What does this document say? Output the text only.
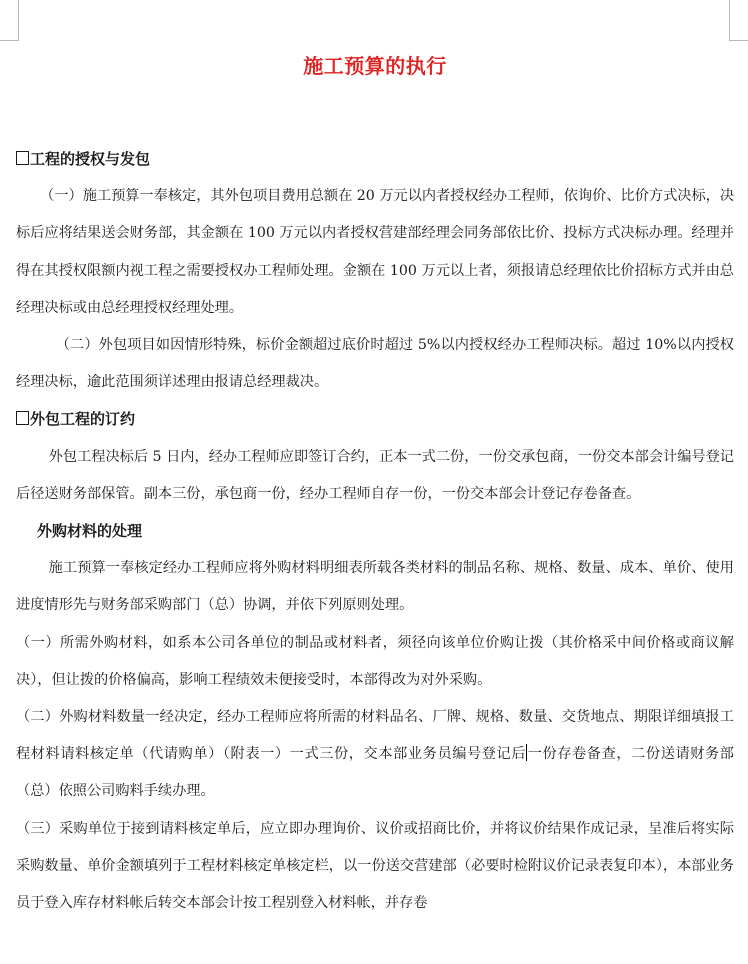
施工预算的执行

工程的授权与发包

（一）施工预算一奉核定，其外包项目费用总额在 20 万元以内者授权经办工程师，依询价、比价方式决标，决标后应将结果送会财务部，其金额在 100 万元以内者授权营建部经理会同务部依比价、投标方式决标办理。经理并得在其授权限额内视工程之需要授权办工程师处理。金额在 100 万元以上者，须报请总经理依比价招标方式并由总经理决标或由总经理授权经理处理。

（二）外包项目如因情形特殊，标价金额超过底价时超过 5%以内授权经办工程师决标。超过 10%以内授权经理决标，逾此范围须详述理由报请总经理裁决。

外包工程的订约

外包工程决标后 5 日内，经办工程师应即签订合约，正本一式二份，一份交承包商，一份交本部会计编号登记后径送财务部保管。副本三份，承包商一份，经办工程师自存一份，一份交本部会计登记存卷备查。

外购材料的处理

施工预算一奉核定经办工程师应将外购材料明细表所载各类材料的制品名称、规格、数量、成本、单价、使用进度情形先与财务部采购部门（总）协调，并依下列原则处理。

（一）所需外购材料，如系本公司各单位的制品或材料者，须径向该单位价购让拨（其价格采中间价格或商议解决），但让拨的价格偏高，影响工程绩效未便接受时，本部得改为对外采购。

（二）外购材料数量一经决定，经办工程师应将所需的材料品名、厂牌、规格、数量、交货地点、期限详细填报工程材料请料核定单（代请购单）（附表一）一式三份，交本部业务员编号登记后一份存卷备查，二份送请财务部（总）依照公司购料手续办理。

（三）采购单位于接到请料核定单后，应立即办理询价、议价或招商比价，并将议价结果作成记录，呈准后将实际采购数量、单价金额填列于工程材料核定单核定栏，以一份送交营建部（必要时检附议价记录表复印本），本部业务员于登入库存材料帐后转交本部会计按工程别登入材料帐，并存卷
